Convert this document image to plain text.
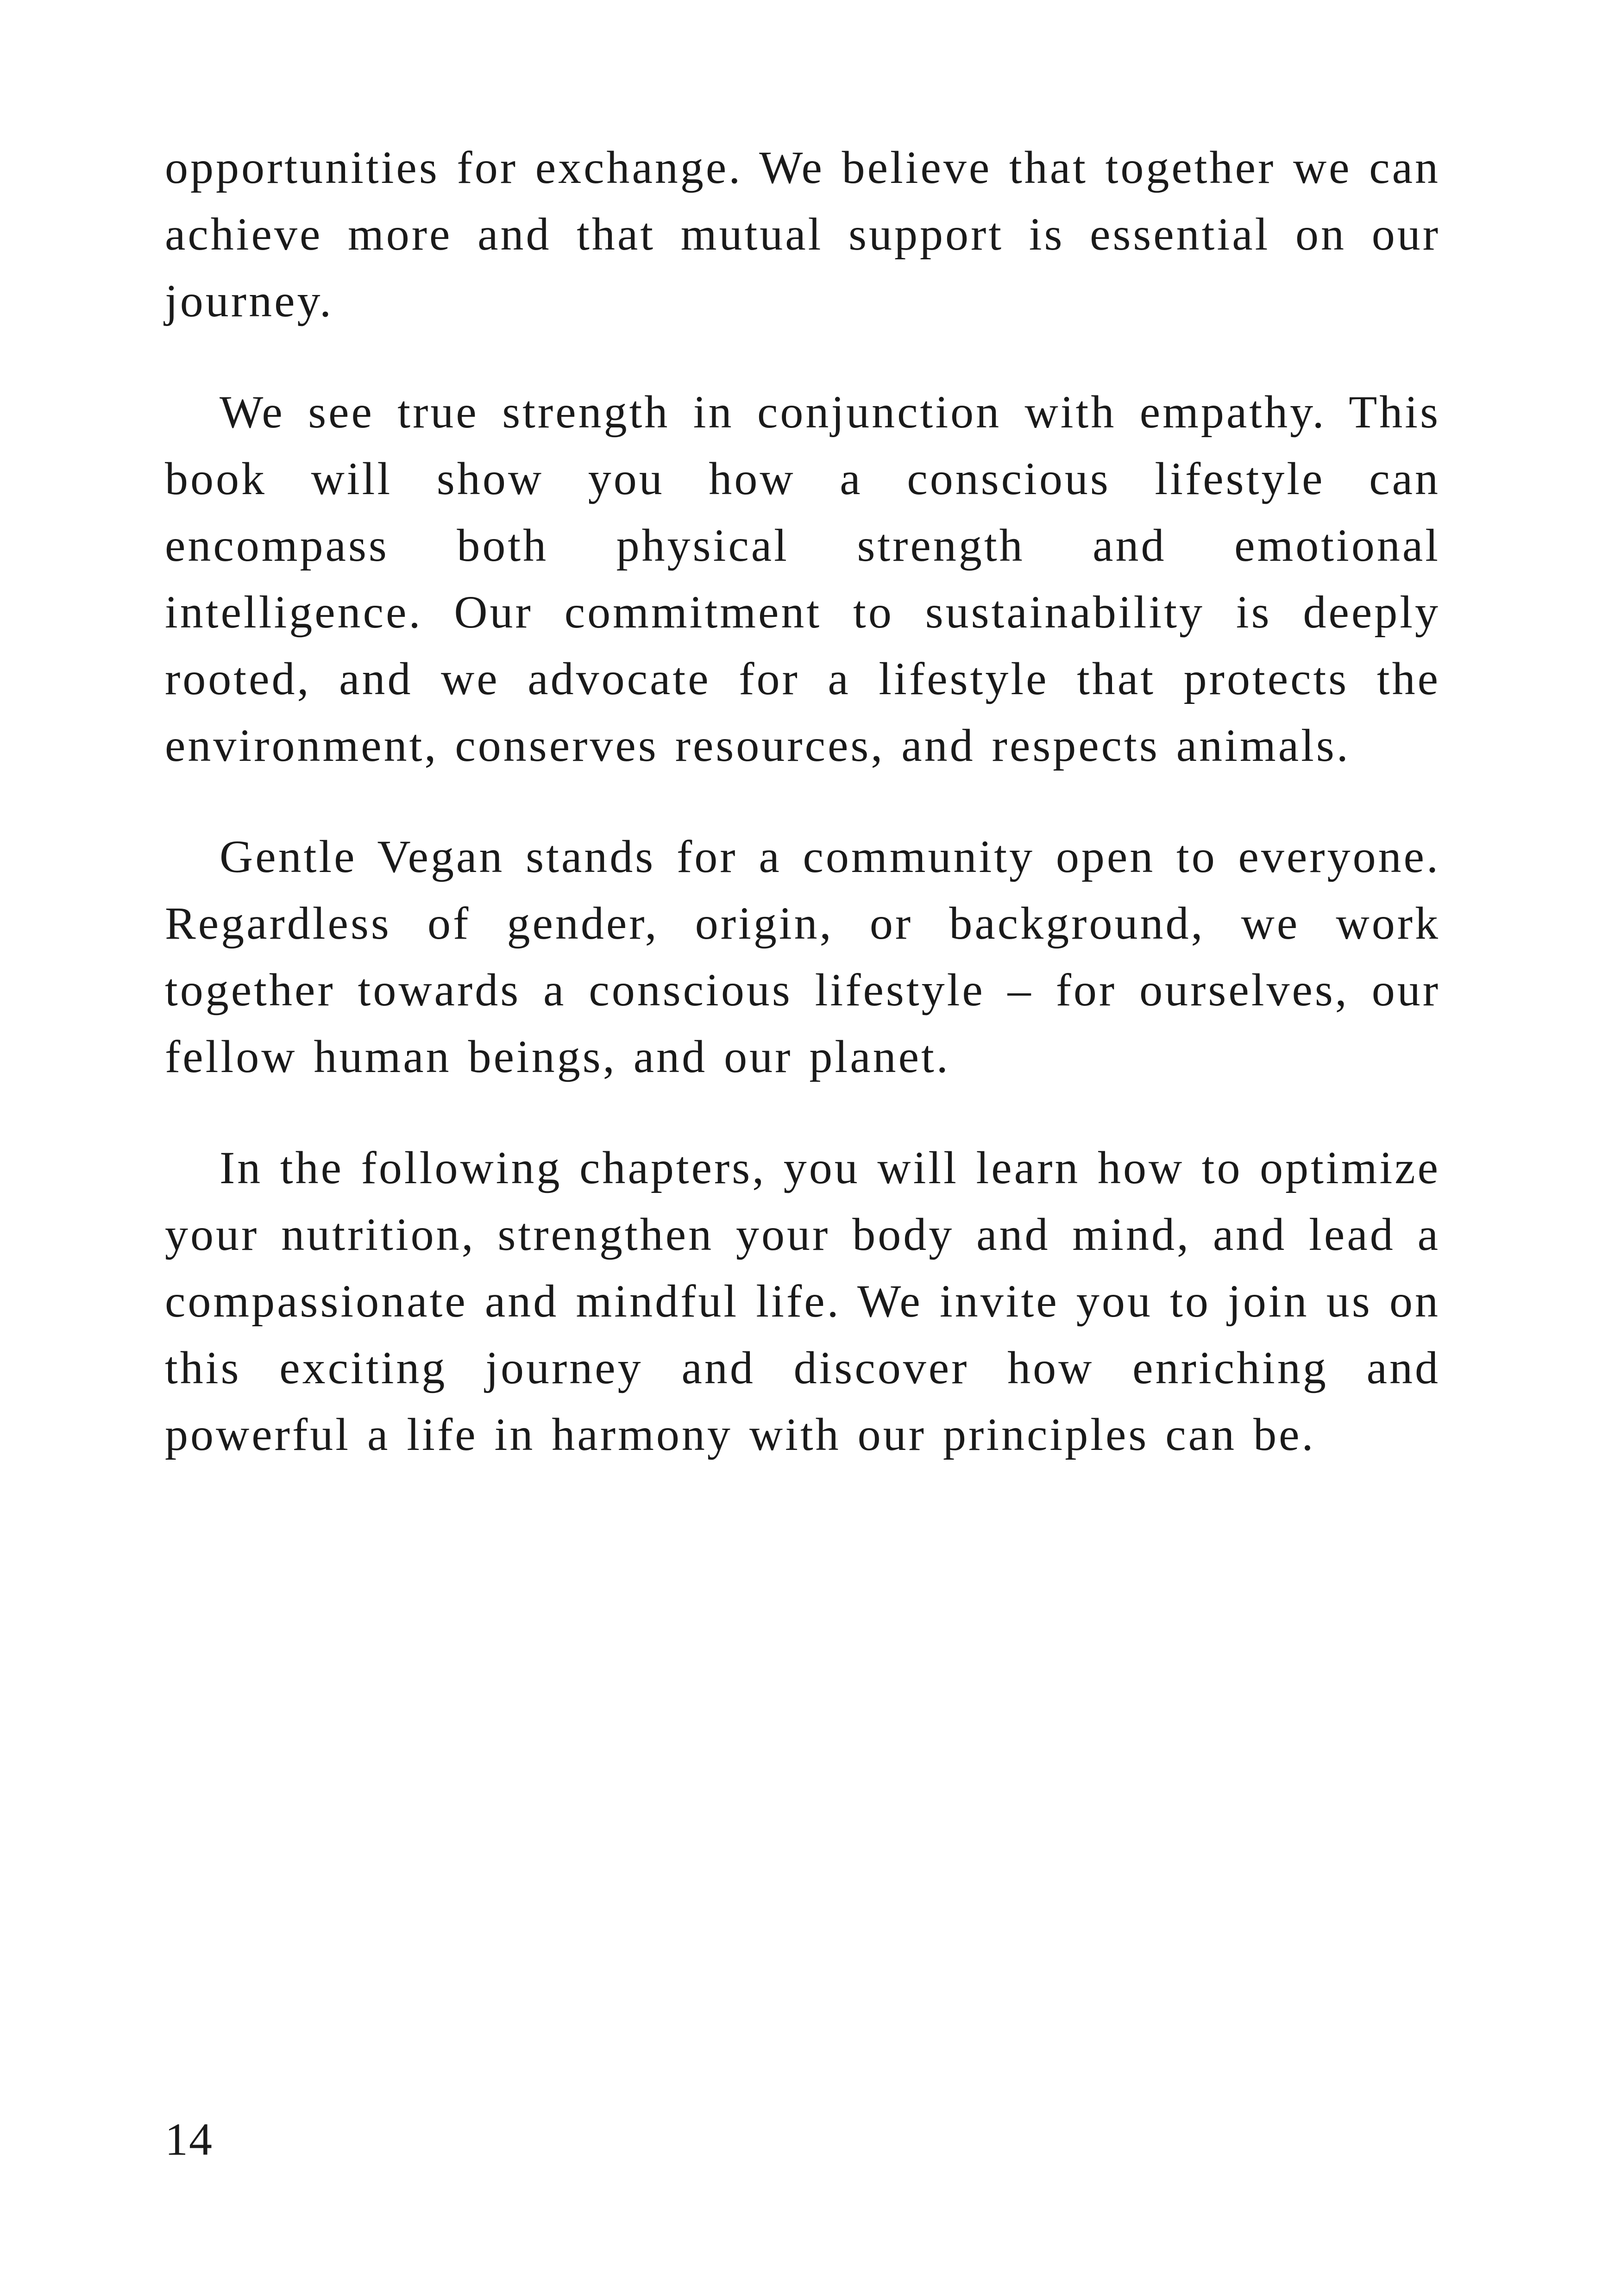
opportunities for exchange. We believe that together we can achieve more and that mutual support is essential on our journey.

We see true strength in conjunction with empathy. This book will show you how a conscious lifestyle can encompass both physical strength and emotional intelligence. Our commitment to sustainability is deeply rooted, and we advocate for a lifestyle that protects the environment, conserves resources, and respects animals.

Gentle Vegan stands for a community open to everyone. Regardless of gender, origin, or background, we work together towards a conscious lifestyle – for ourselves, our fellow human beings, and our planet.

In the following chapters, you will learn how to optimize your nutrition, strengthen your body and mind, and lead a compassionate and mindful life. We invite you to join us on this exciting journey and discover how enriching and powerful a life in harmony with our principles can be.

14
